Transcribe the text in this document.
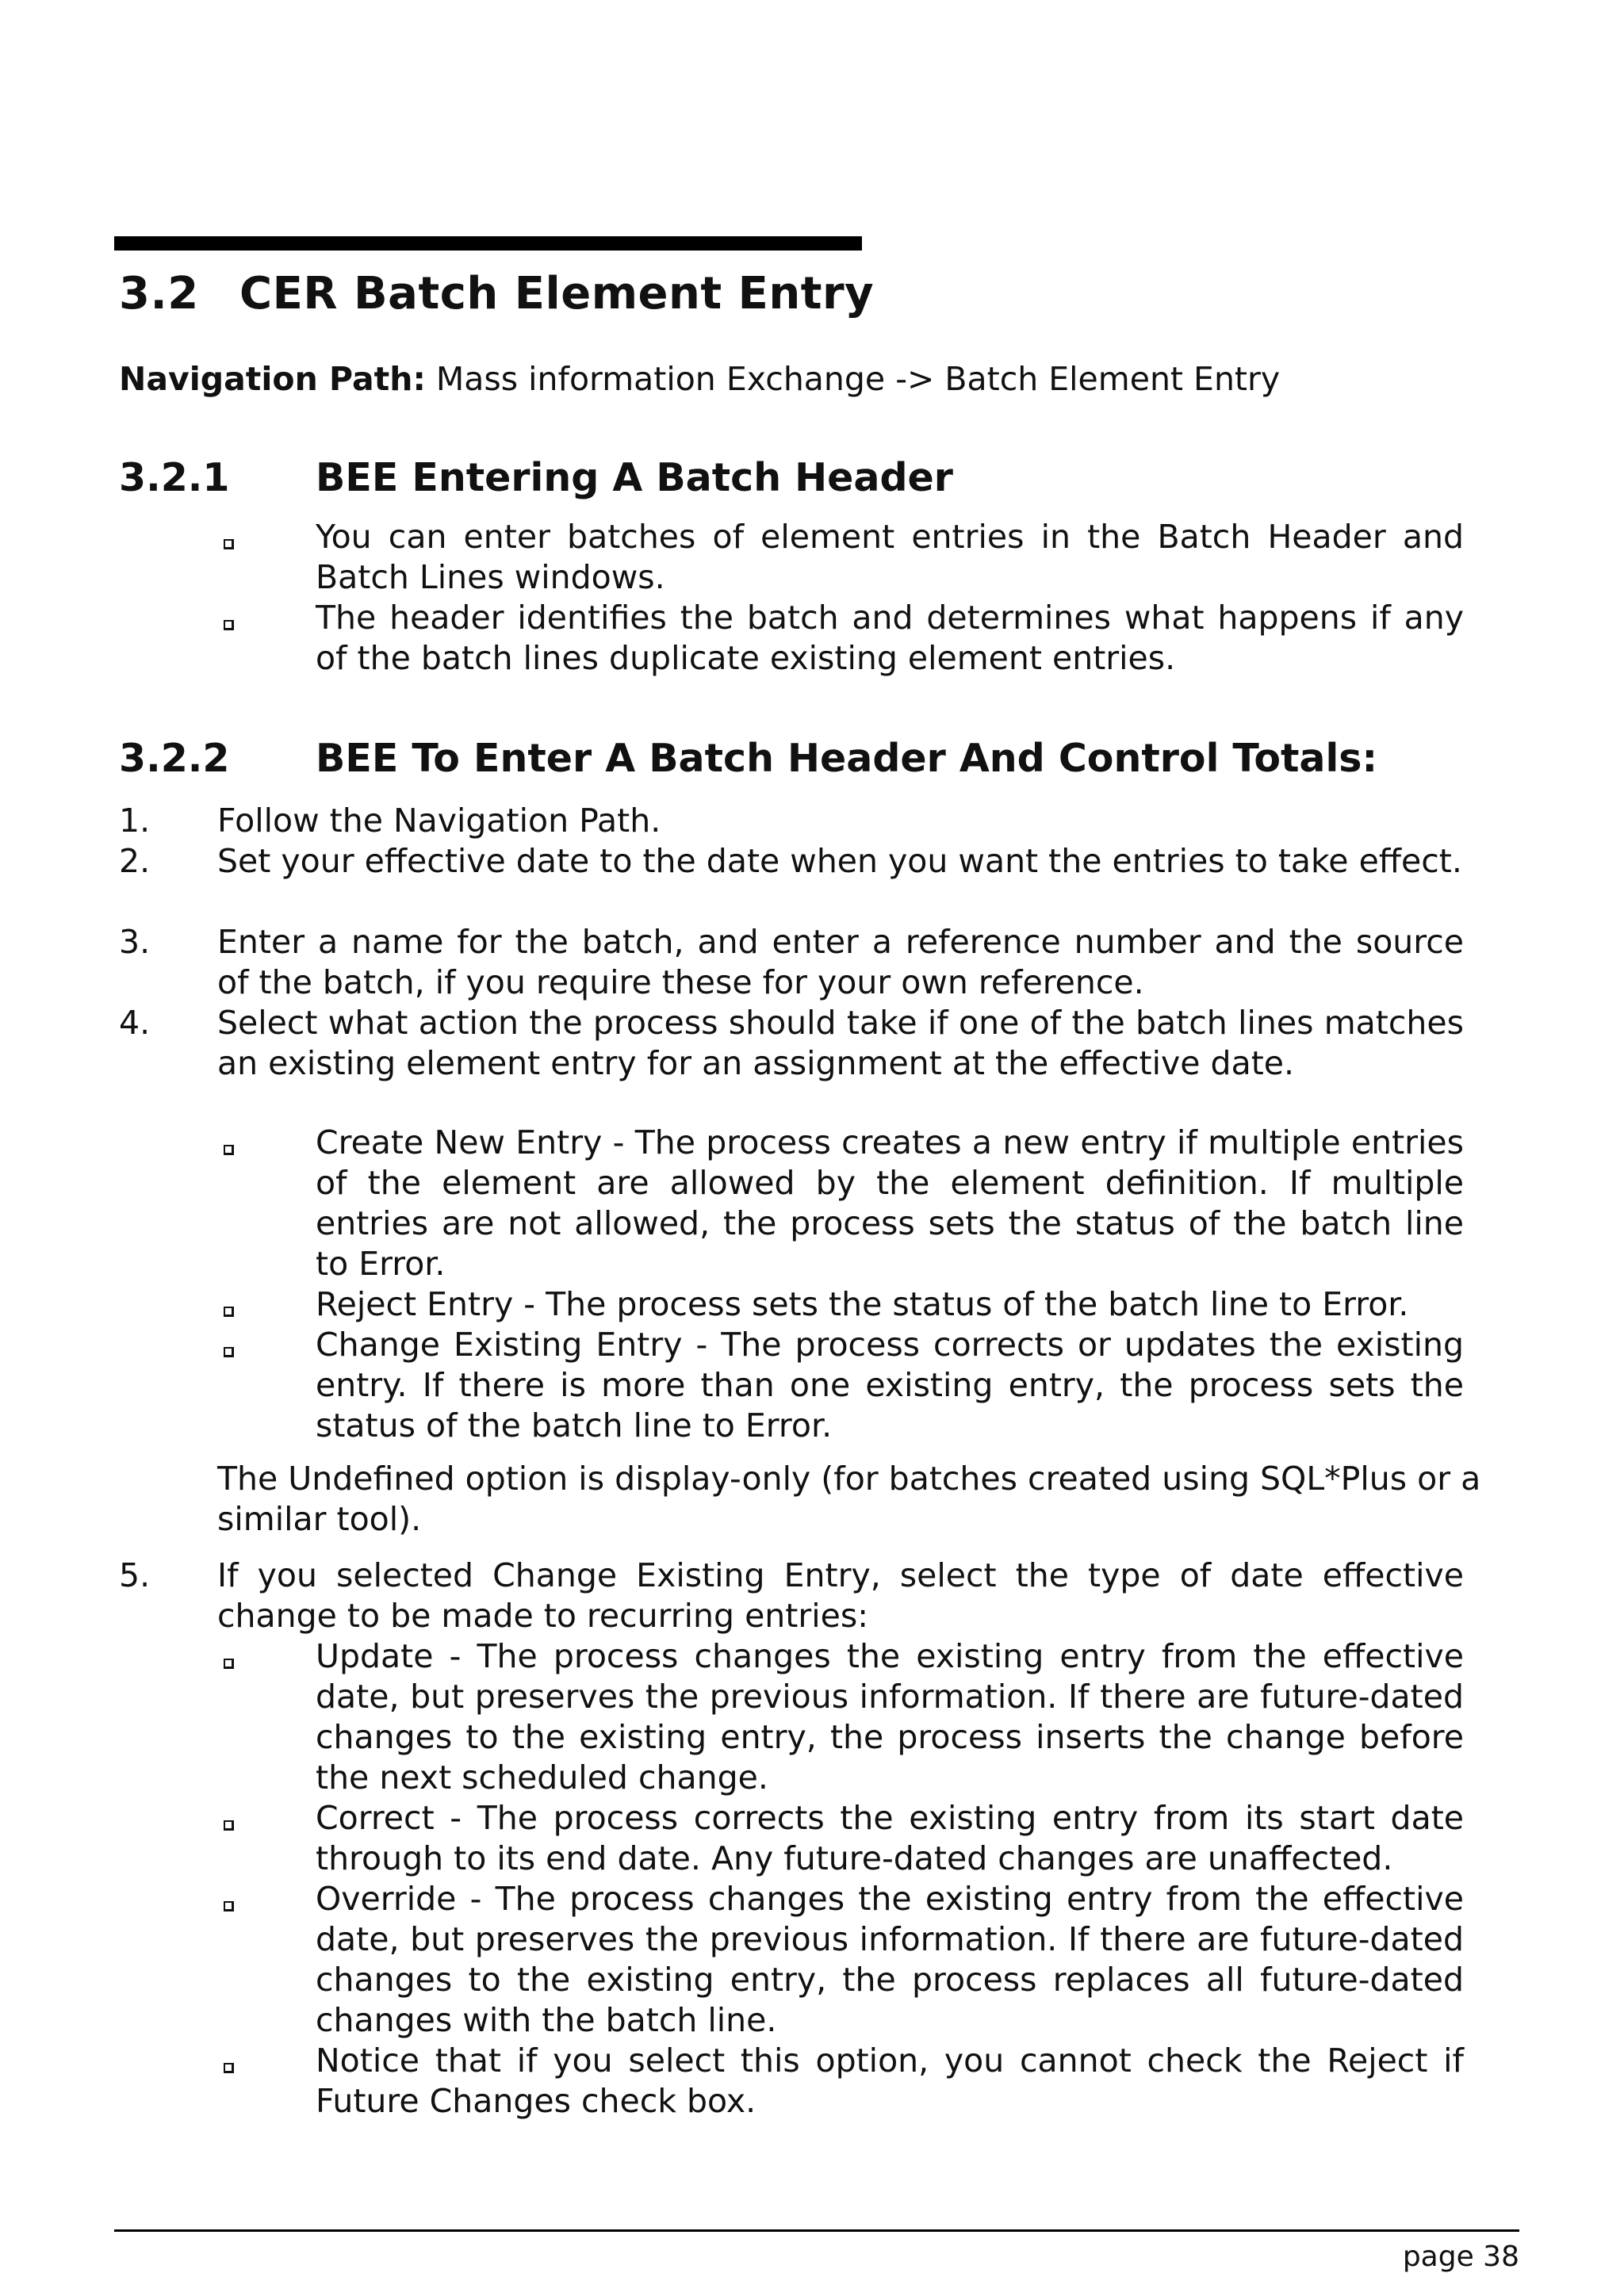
3.2 CER Batch Element Entry
Navigation Path: Mass information Exchange -> Batch Element Entry
3.2.1 BEE Entering A Batch Header
You can enter batches of element entries in the Batch Header and Batch Lines windows.
The header identifies the batch and determines what happens if any of the batch lines duplicate existing element entries.
3.2.2 BEE To Enter A Batch Header And Control Totals:
1. Follow the Navigation Path.
2. Set your effective date to the date when you want the entries to take effect.
3. Enter a name for the batch, and enter a reference number and the source of the batch, if you require these for your own reference.
4. Select what action the process should take if one of the batch lines matches an existing element entry for an assignment at the effective date.
Create New Entry - The process creates a new entry if multiple entries of the element are allowed by the element definition. If multiple entries are not allowed, the process sets the status of the batch line to Error.
Reject Entry - The process sets the status of the batch line to Error.
Change Existing Entry - The process corrects or updates the existing entry. If there is more than one existing entry, the process sets the status of the batch line to Error.
The Undefined option is display-only (for batches created using SQL*Plus or a similar tool).
5. If you selected Change Existing Entry, select the type of date effective change to be made to recurring entries:
Update - The process changes the existing entry from the effective date, but preserves the previous information. If there are future-dated changes to the existing entry, the process inserts the change before the next scheduled change.
Correct - The process corrects the existing entry from its start date through to its end date. Any future-dated changes are unaffected.
Override - The process changes the existing entry from the effective date, but preserves the previous information. If there are future-dated changes to the existing entry, the process replaces all future-dated changes with the batch line.
Notice that if you select this option, you cannot check the Reject if Future Changes check box.
page 38
